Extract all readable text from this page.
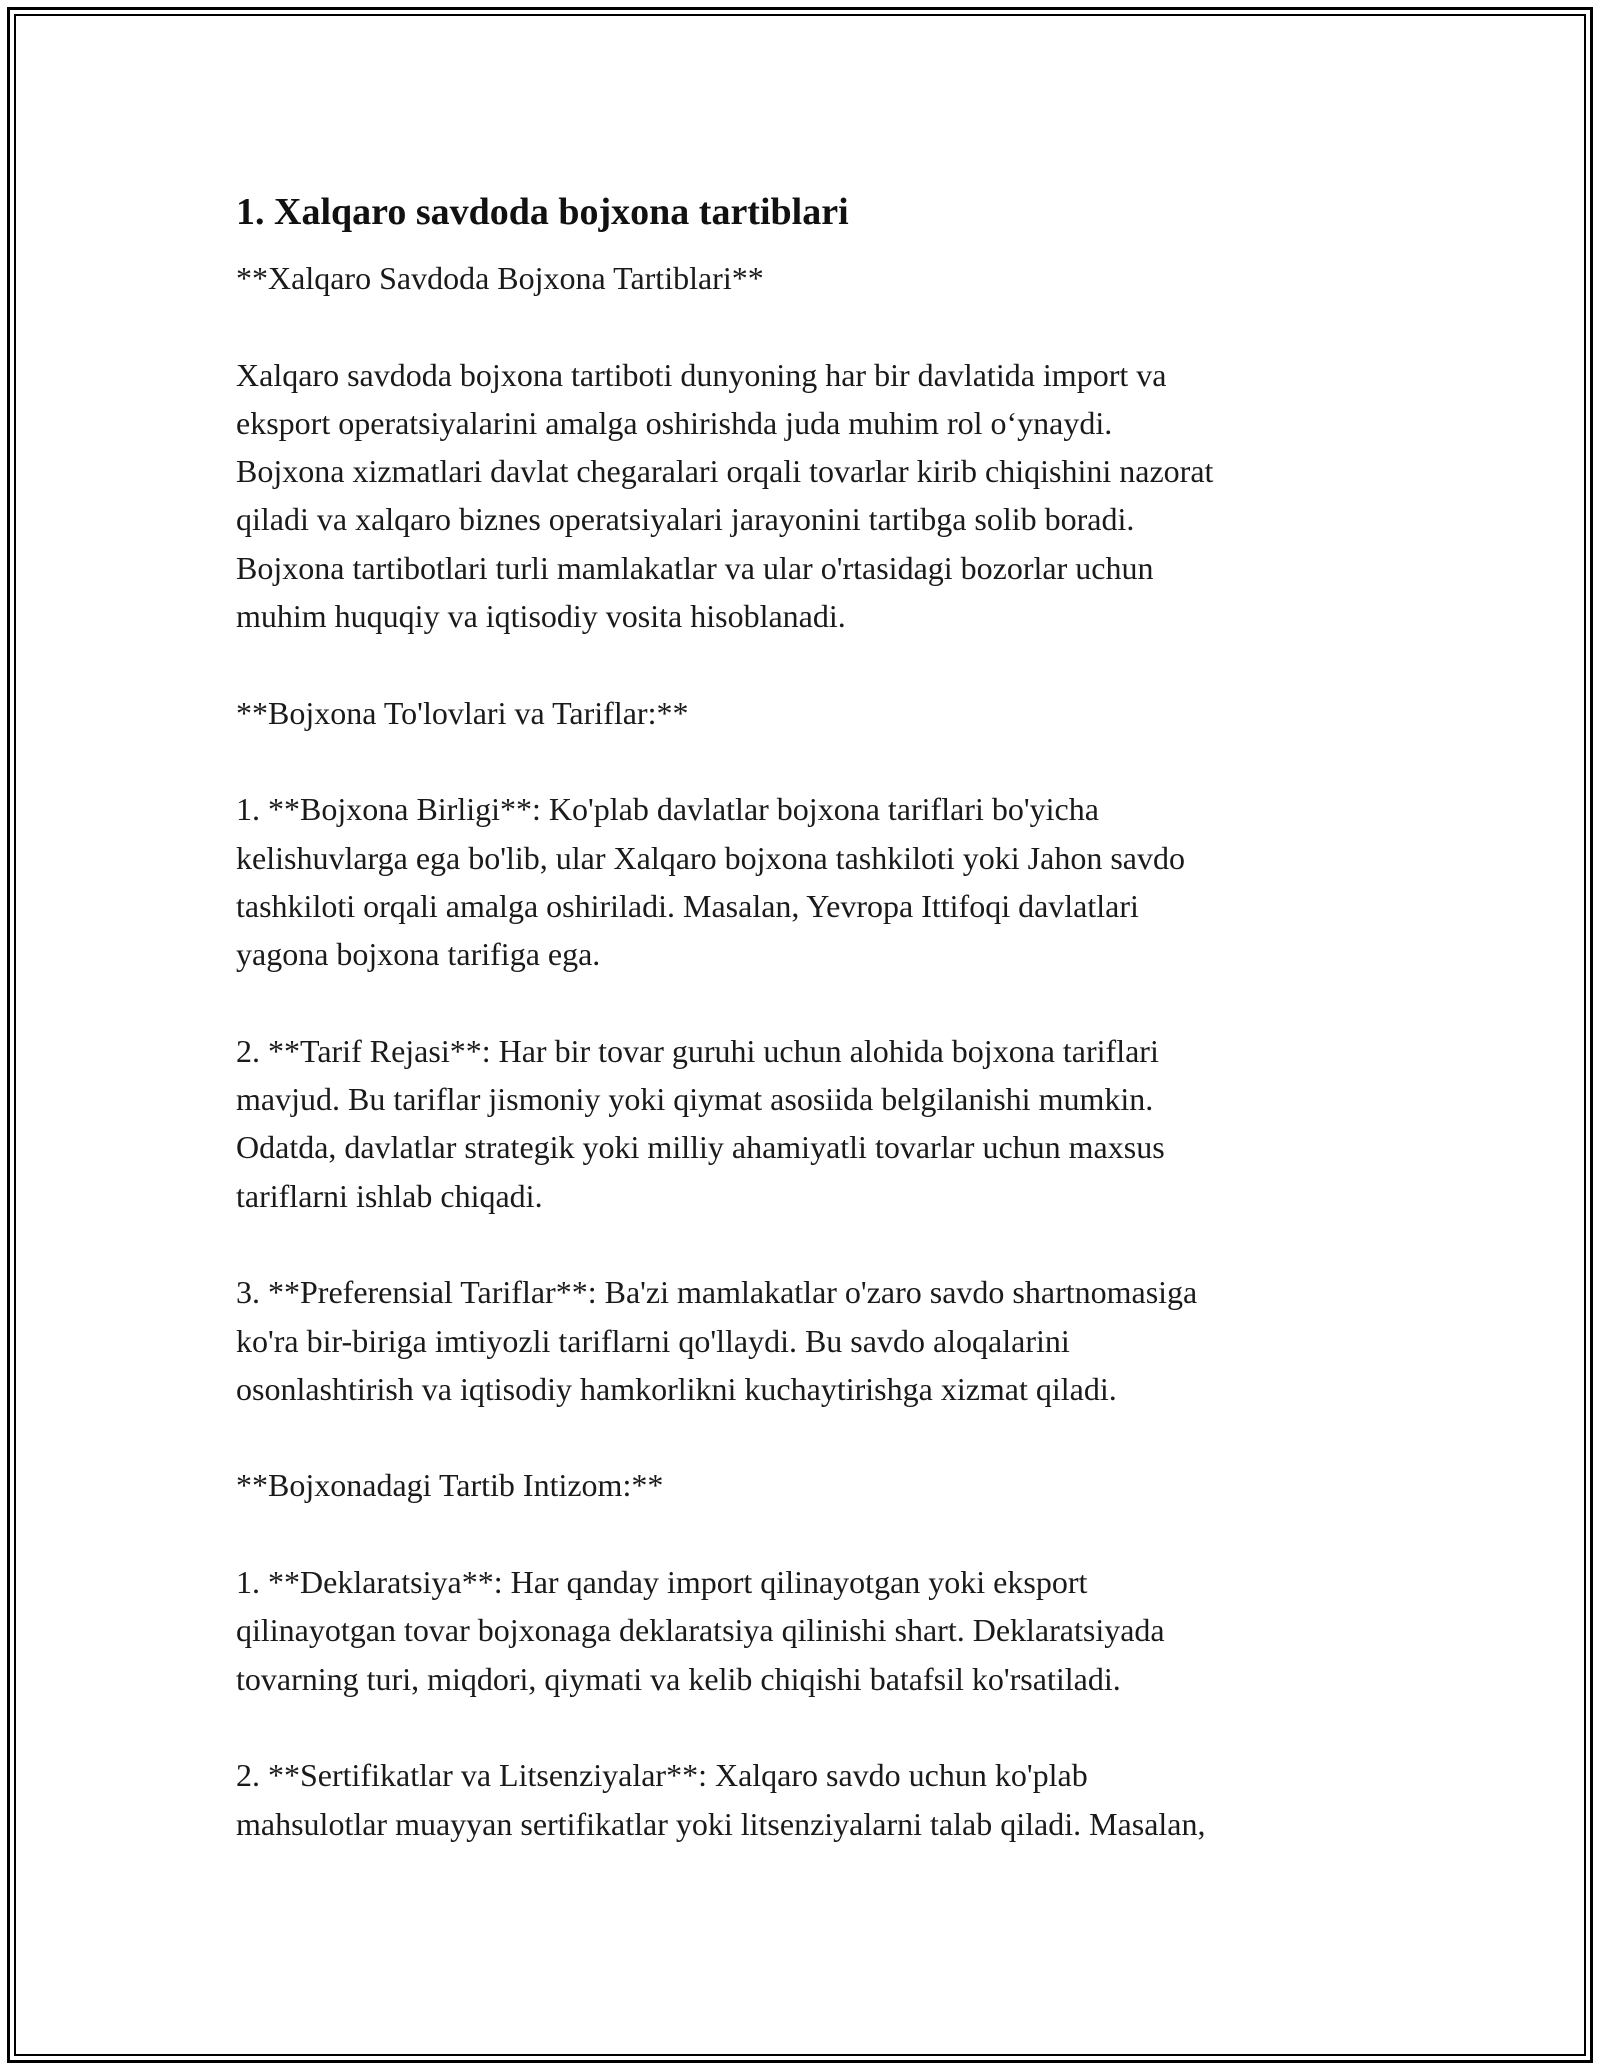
1. Xalqaro savdoda bojxona tartiblari

**Xalqaro Savdoda Bojxona Tartiblari**

Xalqaro savdoda bojxona tartiboti dunyoning har bir davlatida import va
eksport operatsiyalarini amalga oshirishda juda muhim rol o‘ynaydi.
Bojxona xizmatlari davlat chegaralari orqali tovarlar kirib chiqishini nazorat
qiladi va xalqaro biznes operatsiyalari jarayonini tartibga solib boradi.
Bojxona tartibotlari turli mamlakatlar va ular o'rtasidagi bozorlar uchun
muhim huquqiy va iqtisodiy vosita hisoblanadi.

**Bojxona To'lovlari va Tariflar:**

1. **Bojxona Birligi**: Ko'plab davlatlar bojxona tariflari bo'yicha
kelishuvlarga ega bo'lib, ular Xalqaro bojxona tashkiloti yoki Jahon savdo
tashkiloti orqali amalga oshiriladi. Masalan, Yevropa Ittifoqi davlatlari
yagona bojxona tarifiga ega.

2. **Tarif Rejasi**: Har bir tovar guruhi uchun alohida bojxona tariflari
mavjud. Bu tariflar jismoniy yoki qiymat asosiida belgilanishi mumkin.
Odatda, davlatlar strategik yoki milliy ahamiyatli tovarlar uchun maxsus
tariflarni ishlab chiqadi.

3. **Preferensial Tariflar**: Ba'zi mamlakatlar o'zaro savdo shartnomasiga
ko'ra bir-biriga imtiyozli tariflarni qo'llaydi. Bu savdo aloqalarini
osonlashtirish va iqtisodiy hamkorlikni kuchaytirishga xizmat qiladi.

**Bojxonadagi Tartib Intizom:**

1. **Deklaratsiya**: Har qanday import qilinayotgan yoki eksport
qilinayotgan tovar bojxonaga deklaratsiya qilinishi shart. Deklaratsiyada
tovarning turi, miqdori, qiymati va kelib chiqishi batafsil ko'rsatiladi.

2. **Sertifikatlar va Litsenziyalar**: Xalqaro savdo uchun ko'plab
mahsulotlar muayyan sertifikatlar yoki litsenziyalarni talab qiladi. Masalan,
